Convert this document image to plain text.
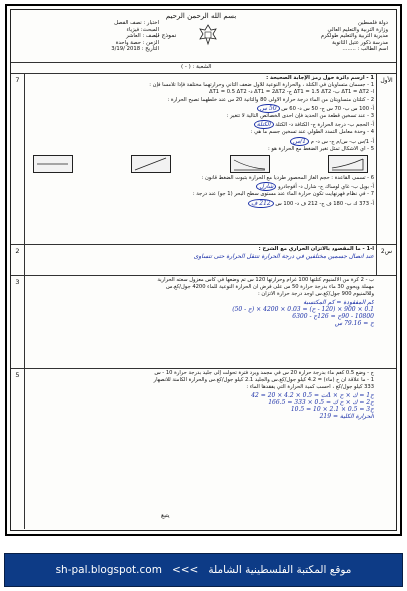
بسم الله الرحمن الرحيم
دولة فلسطين
وزارة التربية والتعليم العالي
مديرية التربية والتعليم طولكرم
مدرسة ذكور عتيل الثانوية
اسم الطالب : ........
نموذج ب
اختبار : نصف الفصل
المبحث: فيزياء
الصف : العاشر
الزمن : حصة واحدة
التاريخ : 2018 /3/19
الشعبة : ( - )
الأول
7	1 - ارسم دائرة حول رمز الإجابة الصحيحة :
1 - جسمان متساويان في الكتلة ، والحرارة النوعية للأول ضعف الثاني وحرارتهما مختلفة فإذا تلامسا فإن :
أ- ΔT1 = ΔT2 ب- ΔT1 = 1.5 ΔT2 ج- ΔT1 = 2ΔT2 د- ΔT1 = 0.5 ΔT2
2 - كتلتان متساويتان من الماء درجة حرارة الأولى 80 والثانية 20 س عند خلطهما تصبح الحرارة :
أ- 100 س ب- 70 س ج- 50 س د- 60 س 50 س
3 - عند تسخين قطعة من الحديد فإن أحدى الخصائص التالية لا تتغير :
أ- الحجم ب- درجة الحرارة ج- الكثافة د- الكتلة الكتلة
4 - وحدة معامل التمدد الطولي عند تسخين جسم ما هي :
أ- 1/س ب- س/م ج- س د- م 1/س
5 - أي الأشكال تمثل تغير الضغط مع الحرارة هو :
6 - تسمى القاعدة : حجم الغاز المحصور طرديا مع الحرارة بثبوت الضغط قانون :
أ- بويل ب- غاي لوساك ج- شارل د- أفوجادرو شارل
7 - في نظام فهرنهايت تكون حرارة الماء عند مستوى سطح البحر (1 جو) عند درجة :
أ- 373 ك ب- 180 ف ج- 212 ف د- 100 س 212 ف
س2
2	أ-1 - ما المقصود بالاتزان الحراري مع الشرح :
عند اتصال جسمين مختلفين في درجة الحرارة تنتقل الحرارة حتى تتساوى
3	ب - 2 كرة من الألمنيوم كتلتها 100 غرام وحرارتها 120 س تم وضعها في كأس معزول سعته الحرارية
مهملة ويحوي 30 ماء بدرجة حرارة 50 س على فرض أن الحرارة النوعية للماء 4200 جول/كغ.س
وللألمنيوم 900 جول/كغ.س أوجد درجة حرارة الاتزان :
كم المفقودة = كم المكتسبة
0.1 × 900 × (120 - ح) = 0.03 × 4200 × (ح - 50)
10800 - 90ح = 126ح - 6300
ح = 79.16 س
5	ج - وضع 0.5 كغم ماء بدرجة حرارة 20 س في مجمد ويرد فترة تحولت إلى جليد بدرجة حرارة 10 - س
1 - ما علاقة أن ح (ماء) = 4.2 كيلو جول/كغ.س والجليد 2.1 كيلو جول/كغ.س والحرارة الكامنة للانصهار
333 كيلو جول/كغ ، احسب كمية الحرارة التي يفقدها الماء :
ح1 = ك × ح × Δت = 0.5 × 4.2 × 20 = 42
ح2 = ك × ح ك = 0.5 × 333 = 166.5
ح3 = 0.5 × 2.1 × 10 = 10.5
الحرارة الكلية = 219
يتبع
sh-pal.blogspot.com <<< موقع المكتبة الفلسطينية الشاملة
